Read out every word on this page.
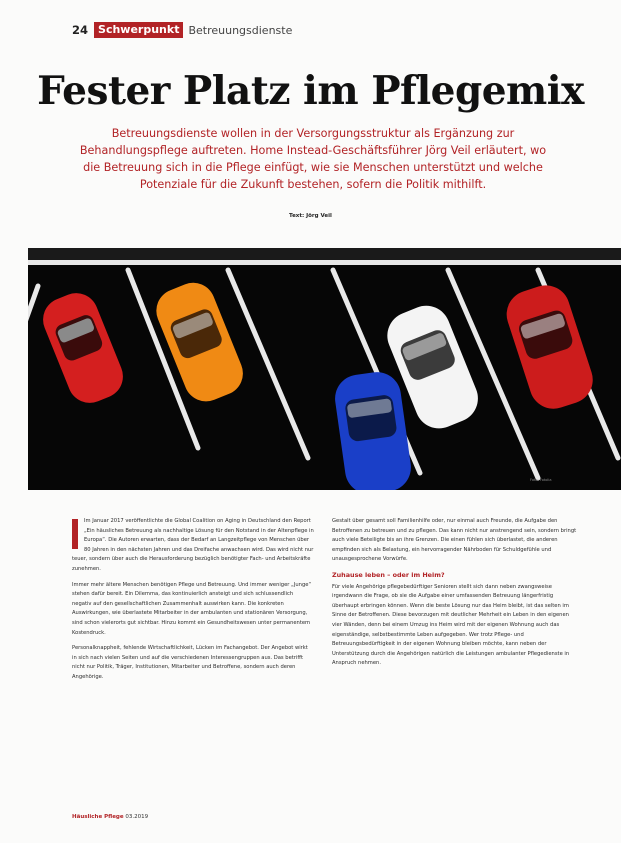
24 Schwerpunkt Betreuungsdienste
Fester Platz im Pflegemix
Betreuungsdienste wollen in der Versorgungsstruktur als Ergänzung zur Behandlungspflege auftreten. Home Instead-Geschäftsführer Jörg Veil erläutert, wo die Betreuung sich in die Pflege einfügt, wie sie Menschen unterstützt und welche Potenziale für die Zukunft bestehen, sofern die Politik mithilft.
Text: Jörg Veil
Foto: Fotolia

Im Januar 2017 veröffentlichte die Global Coalition on Aging in Deutschland den Report „Ein häusliches Betreuung als nachhaltige Lösung für den Notstand in der Altenpflege in Europa“. Die Autoren erwarten, dass der Bedarf an Langzeitpflege von Menschen über 80 Jahren in den nächsten Jahren und das Dreifache anwachsen wird. Das wird nicht nur teuer, sondern über auch die Herausforderung bezüglich benötigter Fach- und Arbeitskräfte zunehmen.

Immer mehr ältere Menschen benötigen Pflege und Betreuung. Und immer weniger „Junge“ stehen dafür bereit. Ein Dilemma, das kontinuierlich ansteigt und sich schlussendlich negativ auf den gesellschaftlichen Zusammenhalt auswirken kann. Die konkreten Auswirkungen, wie überlastete Mitarbeiter in der ambulanten und stationären Versorgung, sind schon vielerorts gut sichtbar. Hinzu kommt ein Gesundheitswesen unter permanentem Kostendruck.

Personalknappheit, fehlende Wirtschaftlichkeit, Lücken im Fachangebot. Der Angebot wirkt in sich nach vielen Seiten und auf die verschiedenen Interessengruppen aus. Das betrifft nicht nur Politik, Träger, Institutionen, Mitarbeiter und Betroffene, sondern auch deren Angehörige.

Gestalt über gesamt soll Familienhilfe oder, nur einmal auch Freunde, die Aufgabe den Betroffenen zu betreuen und zu pflegen. Das kann nicht nur anstrengend sein, sondern bringt auch viele Beteiligte bis an ihre Grenzen. Die einen fühlen sich überlastet, die anderen empfinden sich als Belastung, ein hervorragender Nährboden für Schuldgefühle und unausgesprochene Vorwürfe.

Zuhause leben – oder im Heim?

Für viele Angehörige pflegebedürftiger Senioren stellt sich dann neben zwangsweise irgendwann die Frage, ob sie die Aufgabe einer umfassenden Betreuung längerfristig überhaupt erbringen können. Wenn die beste Lösung nur das Heim bleibt, ist das selten im Sinne der Betroffenen. Diese bevorzugen mit deutlicher Mehrheit ein Leben in den eigenen vier Wänden, denn bei einem Umzug ins Heim wird mit der eigenen Wohnung auch das eigenständige, selbstbestimmte Leben aufgegeben. Wer trotz Pflege- und Betreuungsbedürftigkeit in der eigenen Wohnung bleiben möchte, kann neben der Unterstützung durch die Angehörigen natürlich die Leistungen ambulanter Pflegedienste in Anspruch nehmen.

Häusliche Pflege 03.2019
